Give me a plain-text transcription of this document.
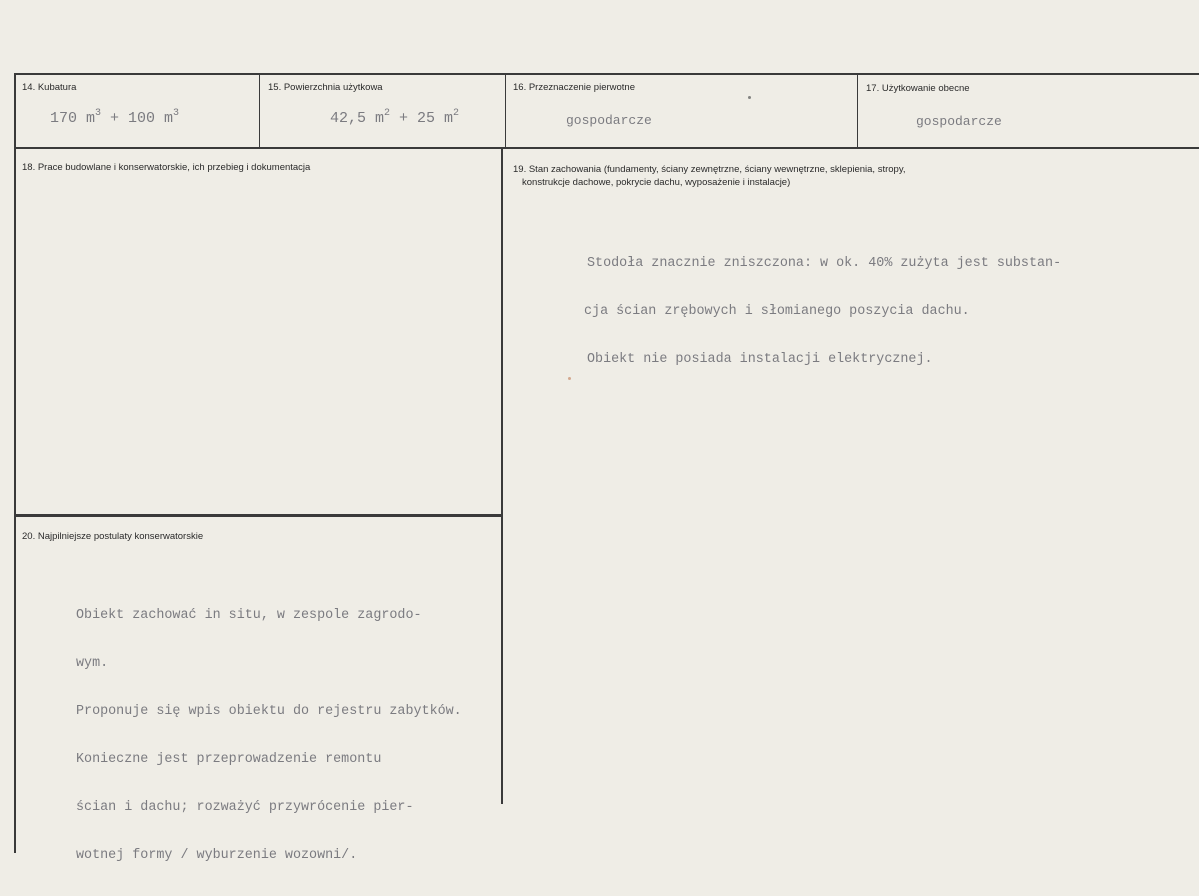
14. Kubatura
170 $m^3 + 100$ $m^3$
15. Powierzchnia użytkowa
42,5 $m^2 + 25$ $m^2$
16. Przeznaczenie pierwotne
gospodarcze
17. Użytkowanie obecne
gospodarcze
18. Prace budowlane i konserwatorskie, ich przebieg i dokumentacja	19. Stan zachowania (fundamenty, ściany zewnętrzne, ściany wewnętrzne, sklepienia, stropy,
konstrukcje dachowe, pokrycie dachu, wyposażenie i instalacje)

Stodoła znacznie zniszczona: w ok. 40% zużyta jest substan-

cja ścian zrębowych i słomianego poszycia dachu.

Obiekt nie posiada instalacji elektrycznej.

20. Najpilniejsze postulaty konserwatorskie

Obiekt zachować in situ, w zespole zagrodo-

wym.

Proponuje się wpis obiektu do rejestru zabytków.

Konieczne jest przeprowadzenie remontu

ścian i dachu; rozważyć przywrócenie pier-

wotnej formy / wyburzenie wozowni/.
